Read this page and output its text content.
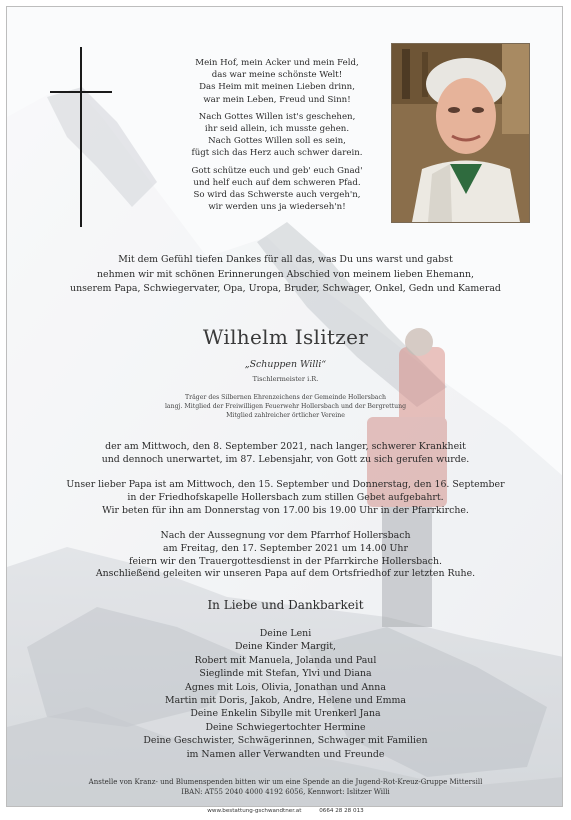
Mein Hof, mein Acker und mein Feld,
das war meine schönste Welt!
Das Heim mit meinen Lieben drinn,
war mein Leben, Freud und Sinn!
Nach Gottes Willen ist's geschehen,
ihr seid allein, ich musste gehen.
Nach Gottes Willen soll es sein,
fügt sich das Herz auch schwer darein.
Gott schütze euch und geb' euch Gnad'
und helf euch auf dem schweren Pfad.
So wird das Schwerste auch vergeh'n,
wir werden uns ja wiederseh'n!
Mit dem Gefühl tiefen Dankes für all das, was Du uns warst und gabst
nehmen wir mit schönen Erinnerungen Abschied von meinem lieben Ehemann,
unserem Papa, Schwiegervater, Opa, Uropa, Bruder, Schwager, Onkel, Gedn und Kamerad
Wilhelm Islitzer
„Schuppen Willi“
Tischlermeister i.R.
Träger des Silbernen Ehrenzeichens der Gemeinde Hollersbach
langj. Mitglied der Freiwilligen Feuerwehr Hollersbach und der Bergrettung
Mitglied zahlreicher örtlicher Vereine
der am Mittwoch, den 8. September 2021, nach langer, schwerer Krankheit
und dennoch unerwartet, im 87. Lebensjahr, von Gott zu sich gerufen wurde.
Unser lieber Papa ist am Mittwoch, den 15. September und Donnerstag, den 16. September
in der Friedhofskapelle Hollersbach zum stillen Gebet aufgebahrt.
Wir beten für ihn am Donnerstag von 17.00 bis 19.00 Uhr in der Pfarrkirche.
Nach der Aussegnung vor dem Pfarrhof Hollersbach
am Freitag, den 17. September 2021 um 14.00 Uhr
feiern wir den Trauergottesdienst in der Pfarrkirche Hollersbach.
Anschließend geleiten wir unseren Papa auf dem Ortsfriedhof zur letzten Ruhe.
In Liebe und Dankbarkeit
Deine Leni
Deine Kinder Margit,
Robert mit Manuela, Jolanda und Paul
Sieglinde mit Stefan, Ylvi und Diana
Agnes mit Lois, Olivia, Jonathan und Anna
Martin mit Doris, Jakob, Andre, Helene und Emma
Deine Enkelin Sibylle mit Urenkerl Jana
Deine Schwiegertochter Hermine
Deine Geschwister, Schwägerinnen, Schwager mit Familien
im Namen aller Verwandten und Freunde
Anstelle von Kranz- und Blumenspenden bitten wir um eine Spende an die Jugend-Rot-Kreuz-Gruppe Mittersill
IBAN: AT55 2040 4000 4192 6056, Kennwort: Islitzer Willi
www.bestattung-gschwandtner.at	0664 28 28 013
